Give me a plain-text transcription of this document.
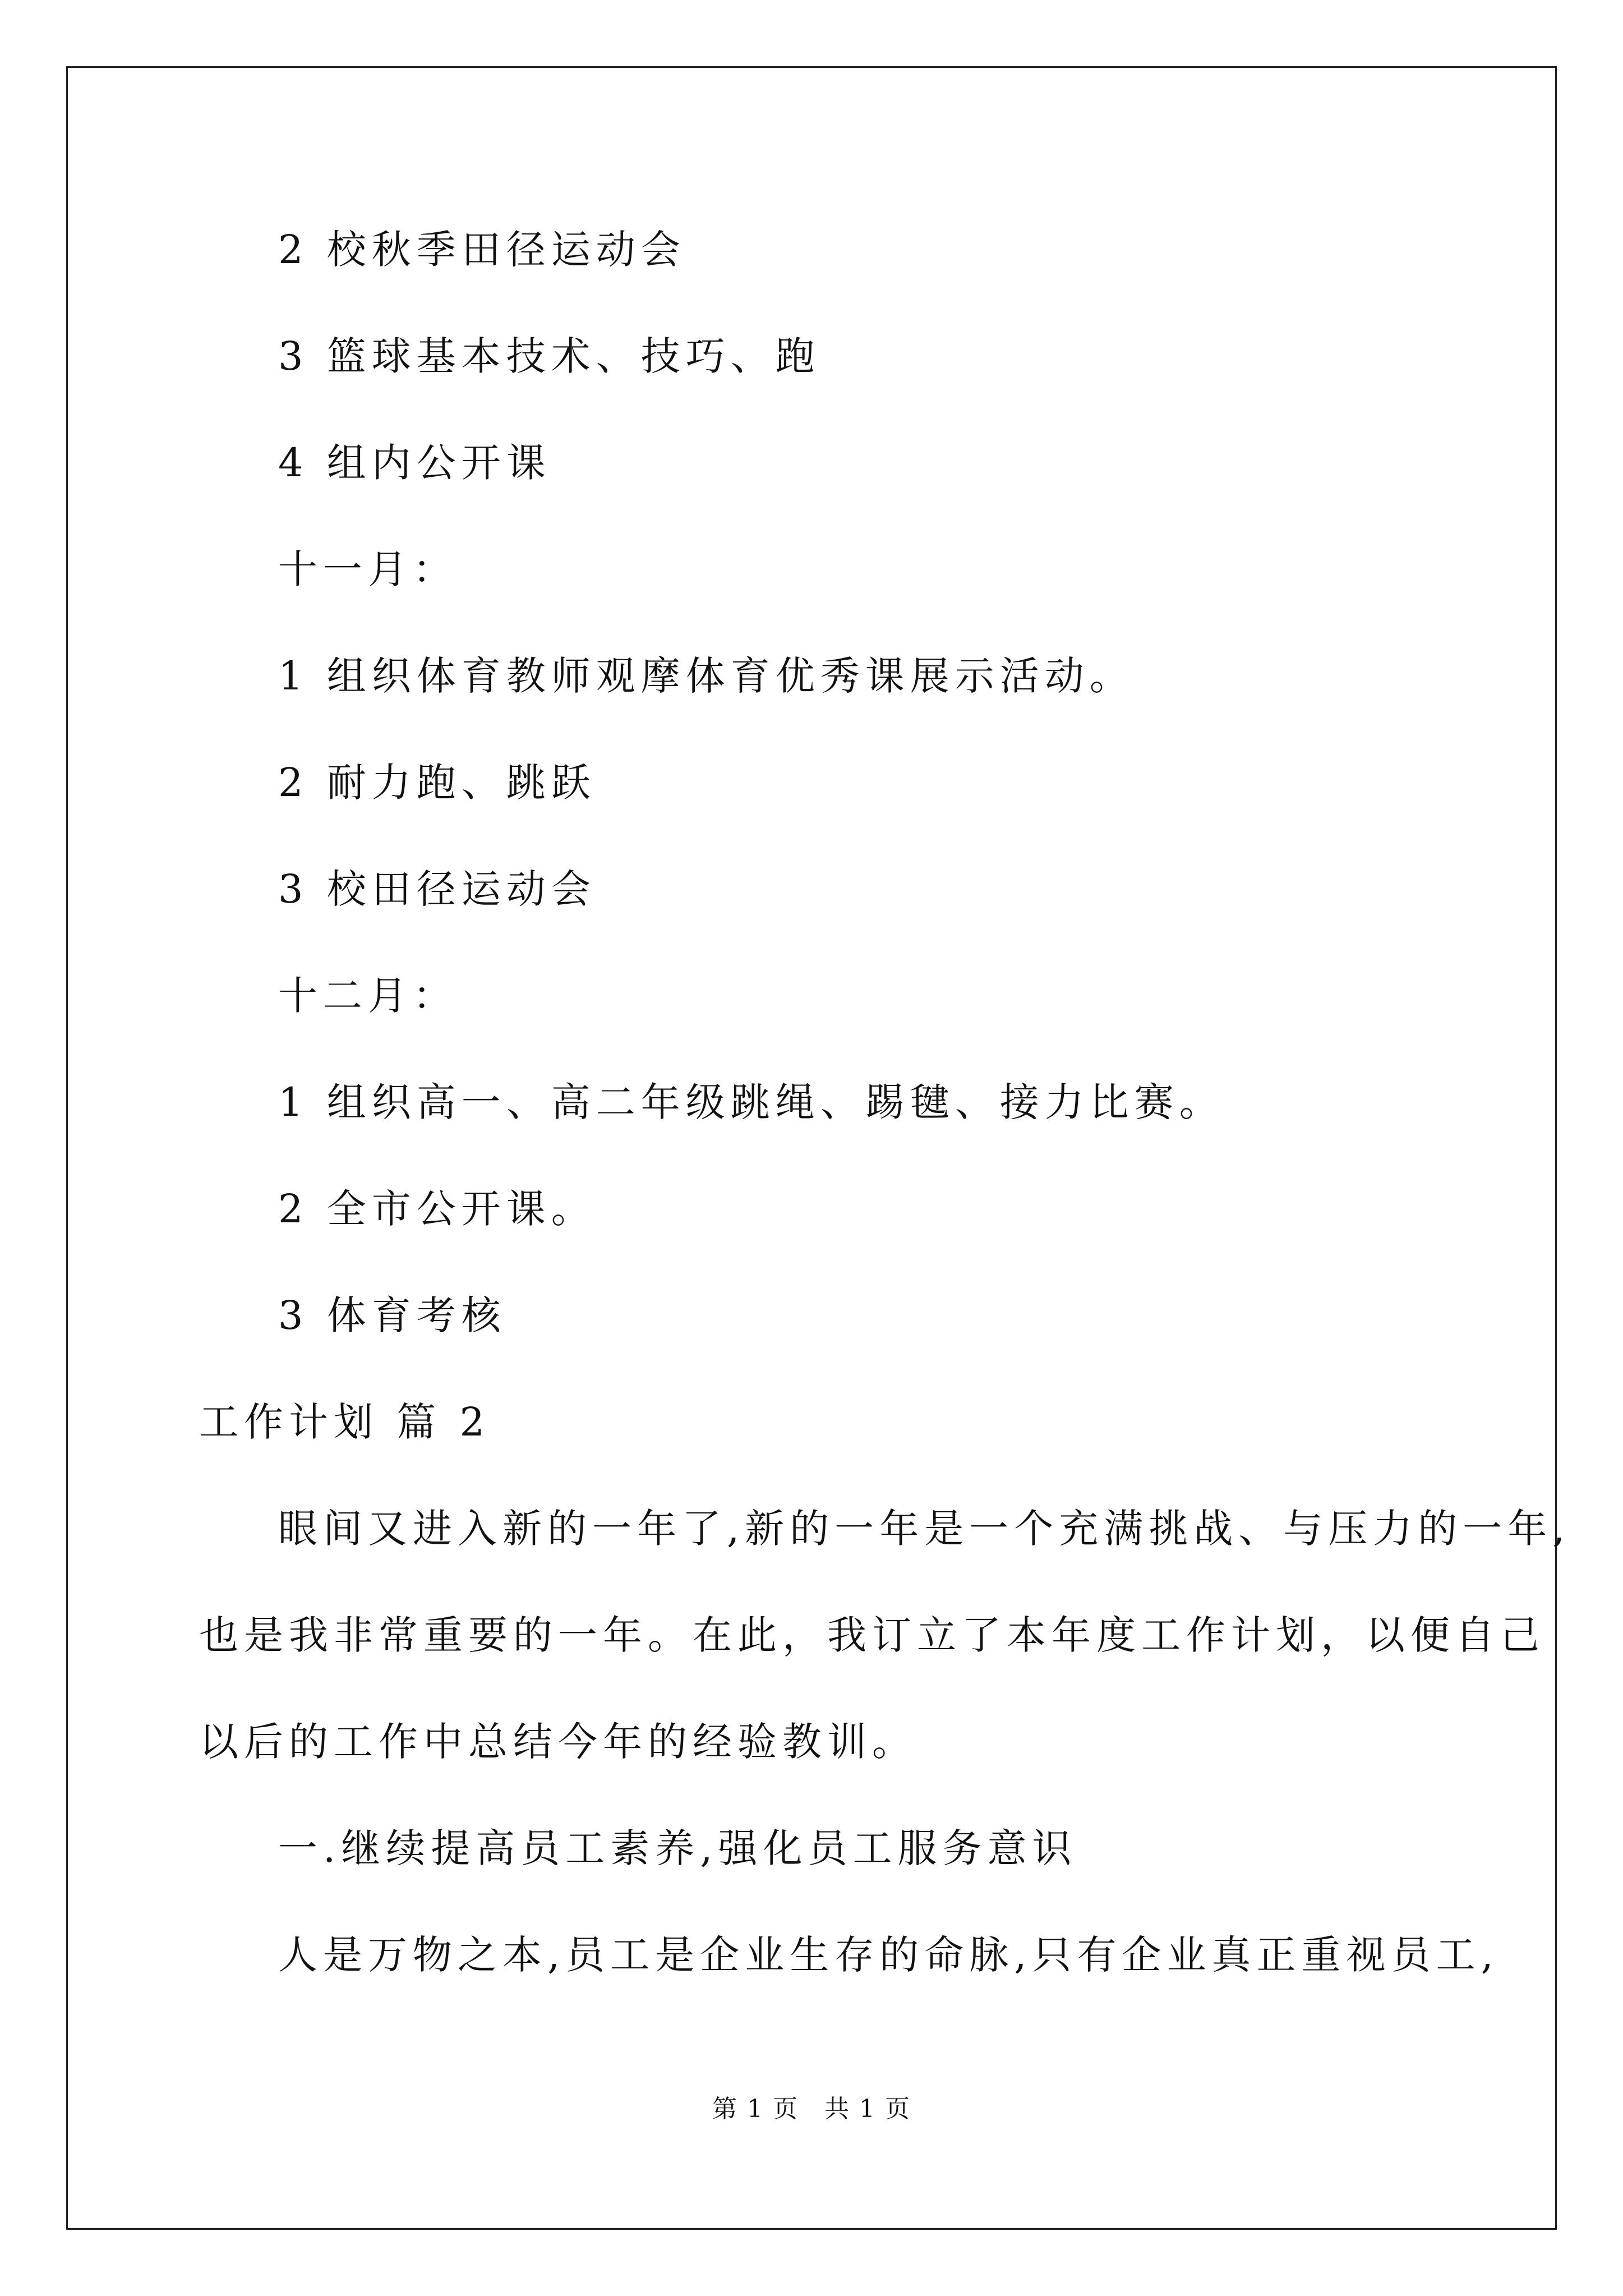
2 校秋季田径运动会
3 篮球基本技术、技巧、跑
4 组内公开课
十一月：
1 组织体育教师观摩体育优秀课展示活动。
2 耐力跑、跳跃
3 校田径运动会
十二月：
1 组织高一、高二年级跳绳、踢毽、接力比赛。
2 全市公开课。
3 体育考核
工作计划 篇 2
眼间又进入新的一年了,新的一年是一个充满挑战、与压力的一年,
也是我非常重要的一年。在此，我订立了本年度工作计划，以便自己
以后的工作中总结今年的经验教训。
一.继续提高员工素养,强化员工服务意识
人是万物之本,员工是企业生存的命脉,只有企业真正重视员工,
第 1 页　共 1 页
